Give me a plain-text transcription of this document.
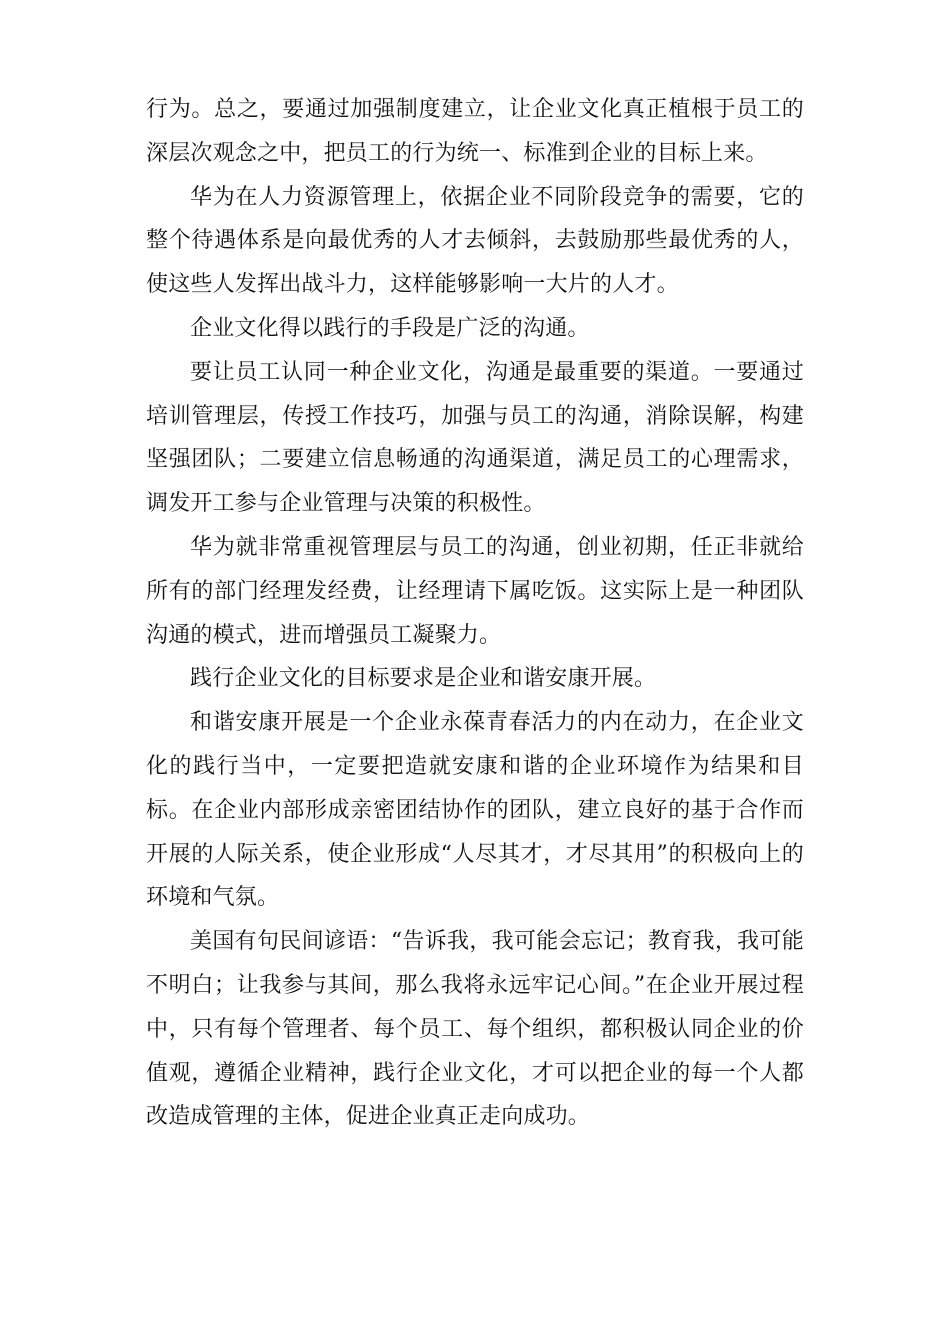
行为。总之，要通过加强制度建立，让企业文化真正植根于员工的深层次观念之中，把员工的行为统一、标准到企业的目标上来。

华为在人力资源管理上，依据企业不同阶段竞争的需要，它的整个待遇体系是向最优秀的人才去倾斜，去鼓励那些最优秀的人，使这些人发挥出战斗力，这样能够影响一大片的人才。

企业文化得以践行的手段是广泛的沟通。

要让员工认同一种企业文化，沟通是最重要的渠道。一要通过培训管理层，传授工作技巧，加强与员工的沟通，消除误解，构建坚强团队；二要建立信息畅通的沟通渠道，满足员工的心理需求，调发开工参与企业管理与决策的积极性。

华为就非常重视管理层与员工的沟通，创业初期，任正非就给所有的部门经理发经费，让经理请下属吃饭。这实际上是一种团队沟通的模式，进而增强员工凝聚力。

践行企业文化的目标要求是企业和谐安康开展。

和谐安康开展是一个企业永葆青春活力的内在动力，在企业文化的践行当中，一定要把造就安康和谐的企业环境作为结果和目标。在企业内部形成亲密团结协作的团队，建立良好的基于合作而开展的人际关系，使企业形成“人尽其才，才尽其用”的积极向上的环境和气氛。

美国有句民间谚语：“告诉我，我可能会忘记；教育我，我可能不明白；让我参与其间，那么我将永远牢记心间。”在企业开展过程中，只有每个管理者、每个员工、每个组织，都积极认同企业的价值观，遵循企业精神，践行企业文化，才可以把企业的每一个人都改造成管理的主体，促进企业真正走向成功。
